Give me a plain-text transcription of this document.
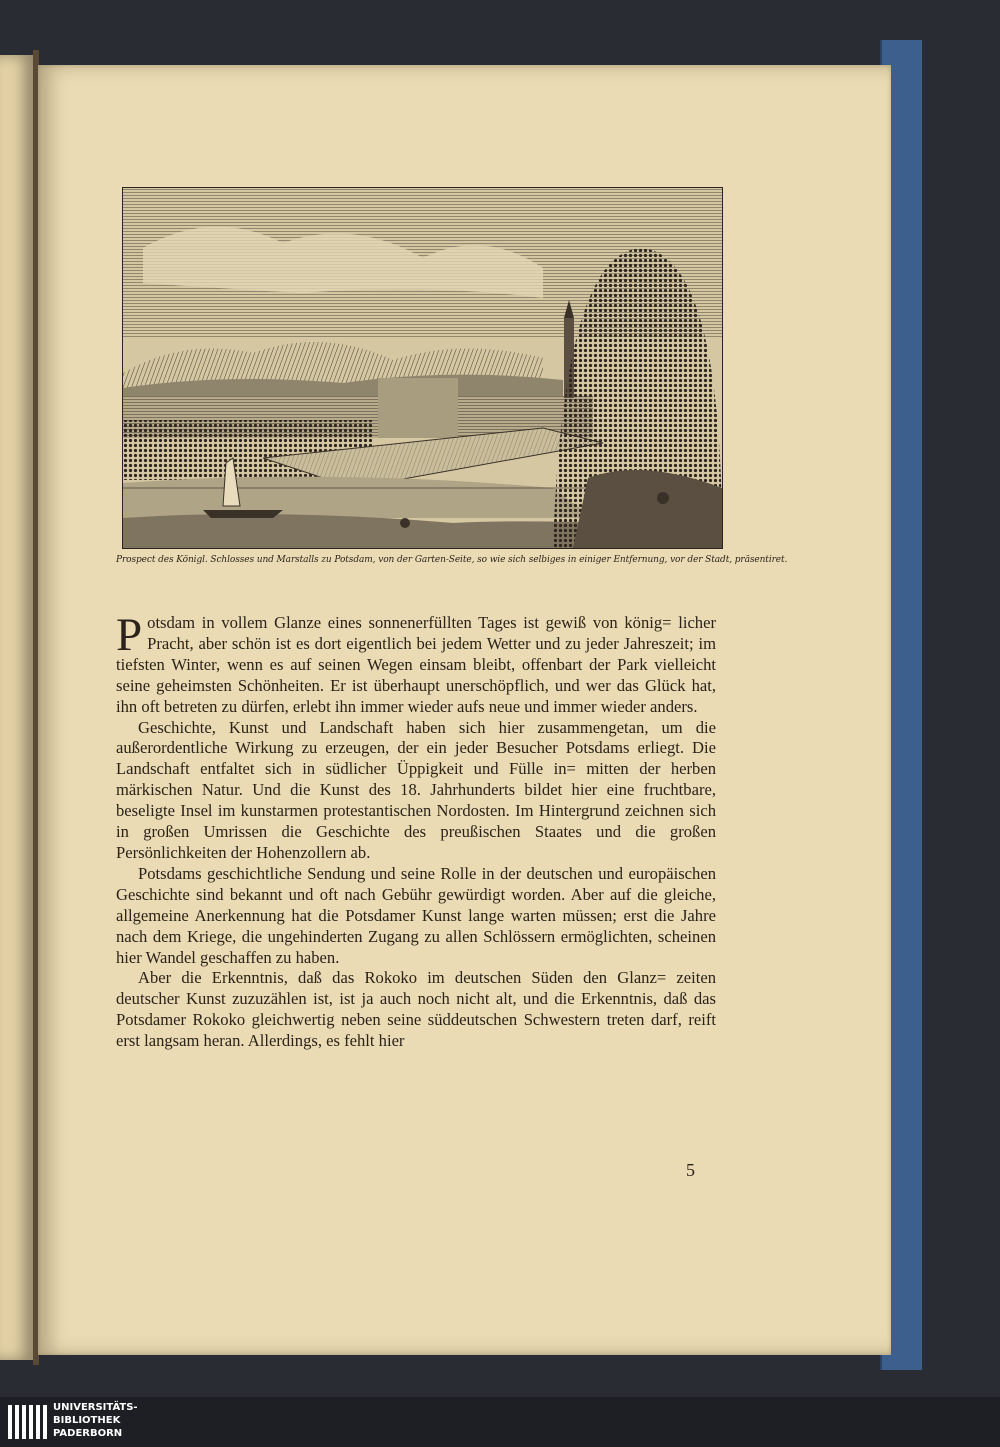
Prospect des Königl. Schlosses und Marstalls zu Potsdam, von der Garten-Seite, so wie sich selbiges in einiger Entfernung, vor der Stadt, präsentiret.

Potsdam in vollem Glanze eines sonnenerfüllten Tages ist gewiß von könig= licher Pracht, aber schön ist es dort eigentlich bei jedem Wetter und zu jeder Jahreszeit; im tiefsten Winter, wenn es auf seinen Wegen einsam bleibt, offenbart der Park vielleicht seine geheimsten Schönheiten. Er ist überhaupt unerschöpflich, und wer das Glück hat, ihn oft betreten zu dürfen, erlebt ihn immer wieder aufs neue und immer wieder anders.

Geschichte, Kunst und Landschaft haben sich hier zusammengetan, um die außerordentliche Wirkung zu erzeugen, der ein jeder Besucher Potsdams erliegt. Die Landschaft entfaltet sich in südlicher Üppigkeit und Fülle in= mitten der herben märkischen Natur. Und die Kunst des 18. Jahrhunderts bildet hier eine fruchtbare, beseligte Insel im kunstarmen protestantischen Nordosten. Im Hintergrund zeichnen sich in großen Umrissen die Geschichte des preußischen Staates und die großen Persönlichkeiten der Hohenzollern ab.

Potsdams geschichtliche Sendung und seine Rolle in der deutschen und europäischen Geschichte sind bekannt und oft nach Gebühr gewürdigt worden. Aber auf die gleiche, allgemeine Anerkennung hat die Potsdamer Kunst lange warten müssen; erst die Jahre nach dem Kriege, die ungehinderten Zugang zu allen Schlössern ermöglichten, scheinen hier Wandel geschaffen zu haben.

Aber die Erkenntnis, daß das Rokoko im deutschen Süden den Glanz= zeiten deutscher Kunst zuzuzählen ist, ist ja auch noch nicht alt, und die Erkenntnis, daß das Potsdamer Rokoko gleichwertig neben seine süddeutschen Schwestern treten darf, reift erst langsam heran. Allerdings, es fehlt hier

5
UNIVERSITÄTS-
BIBLIOTHEK
PADERBORN
